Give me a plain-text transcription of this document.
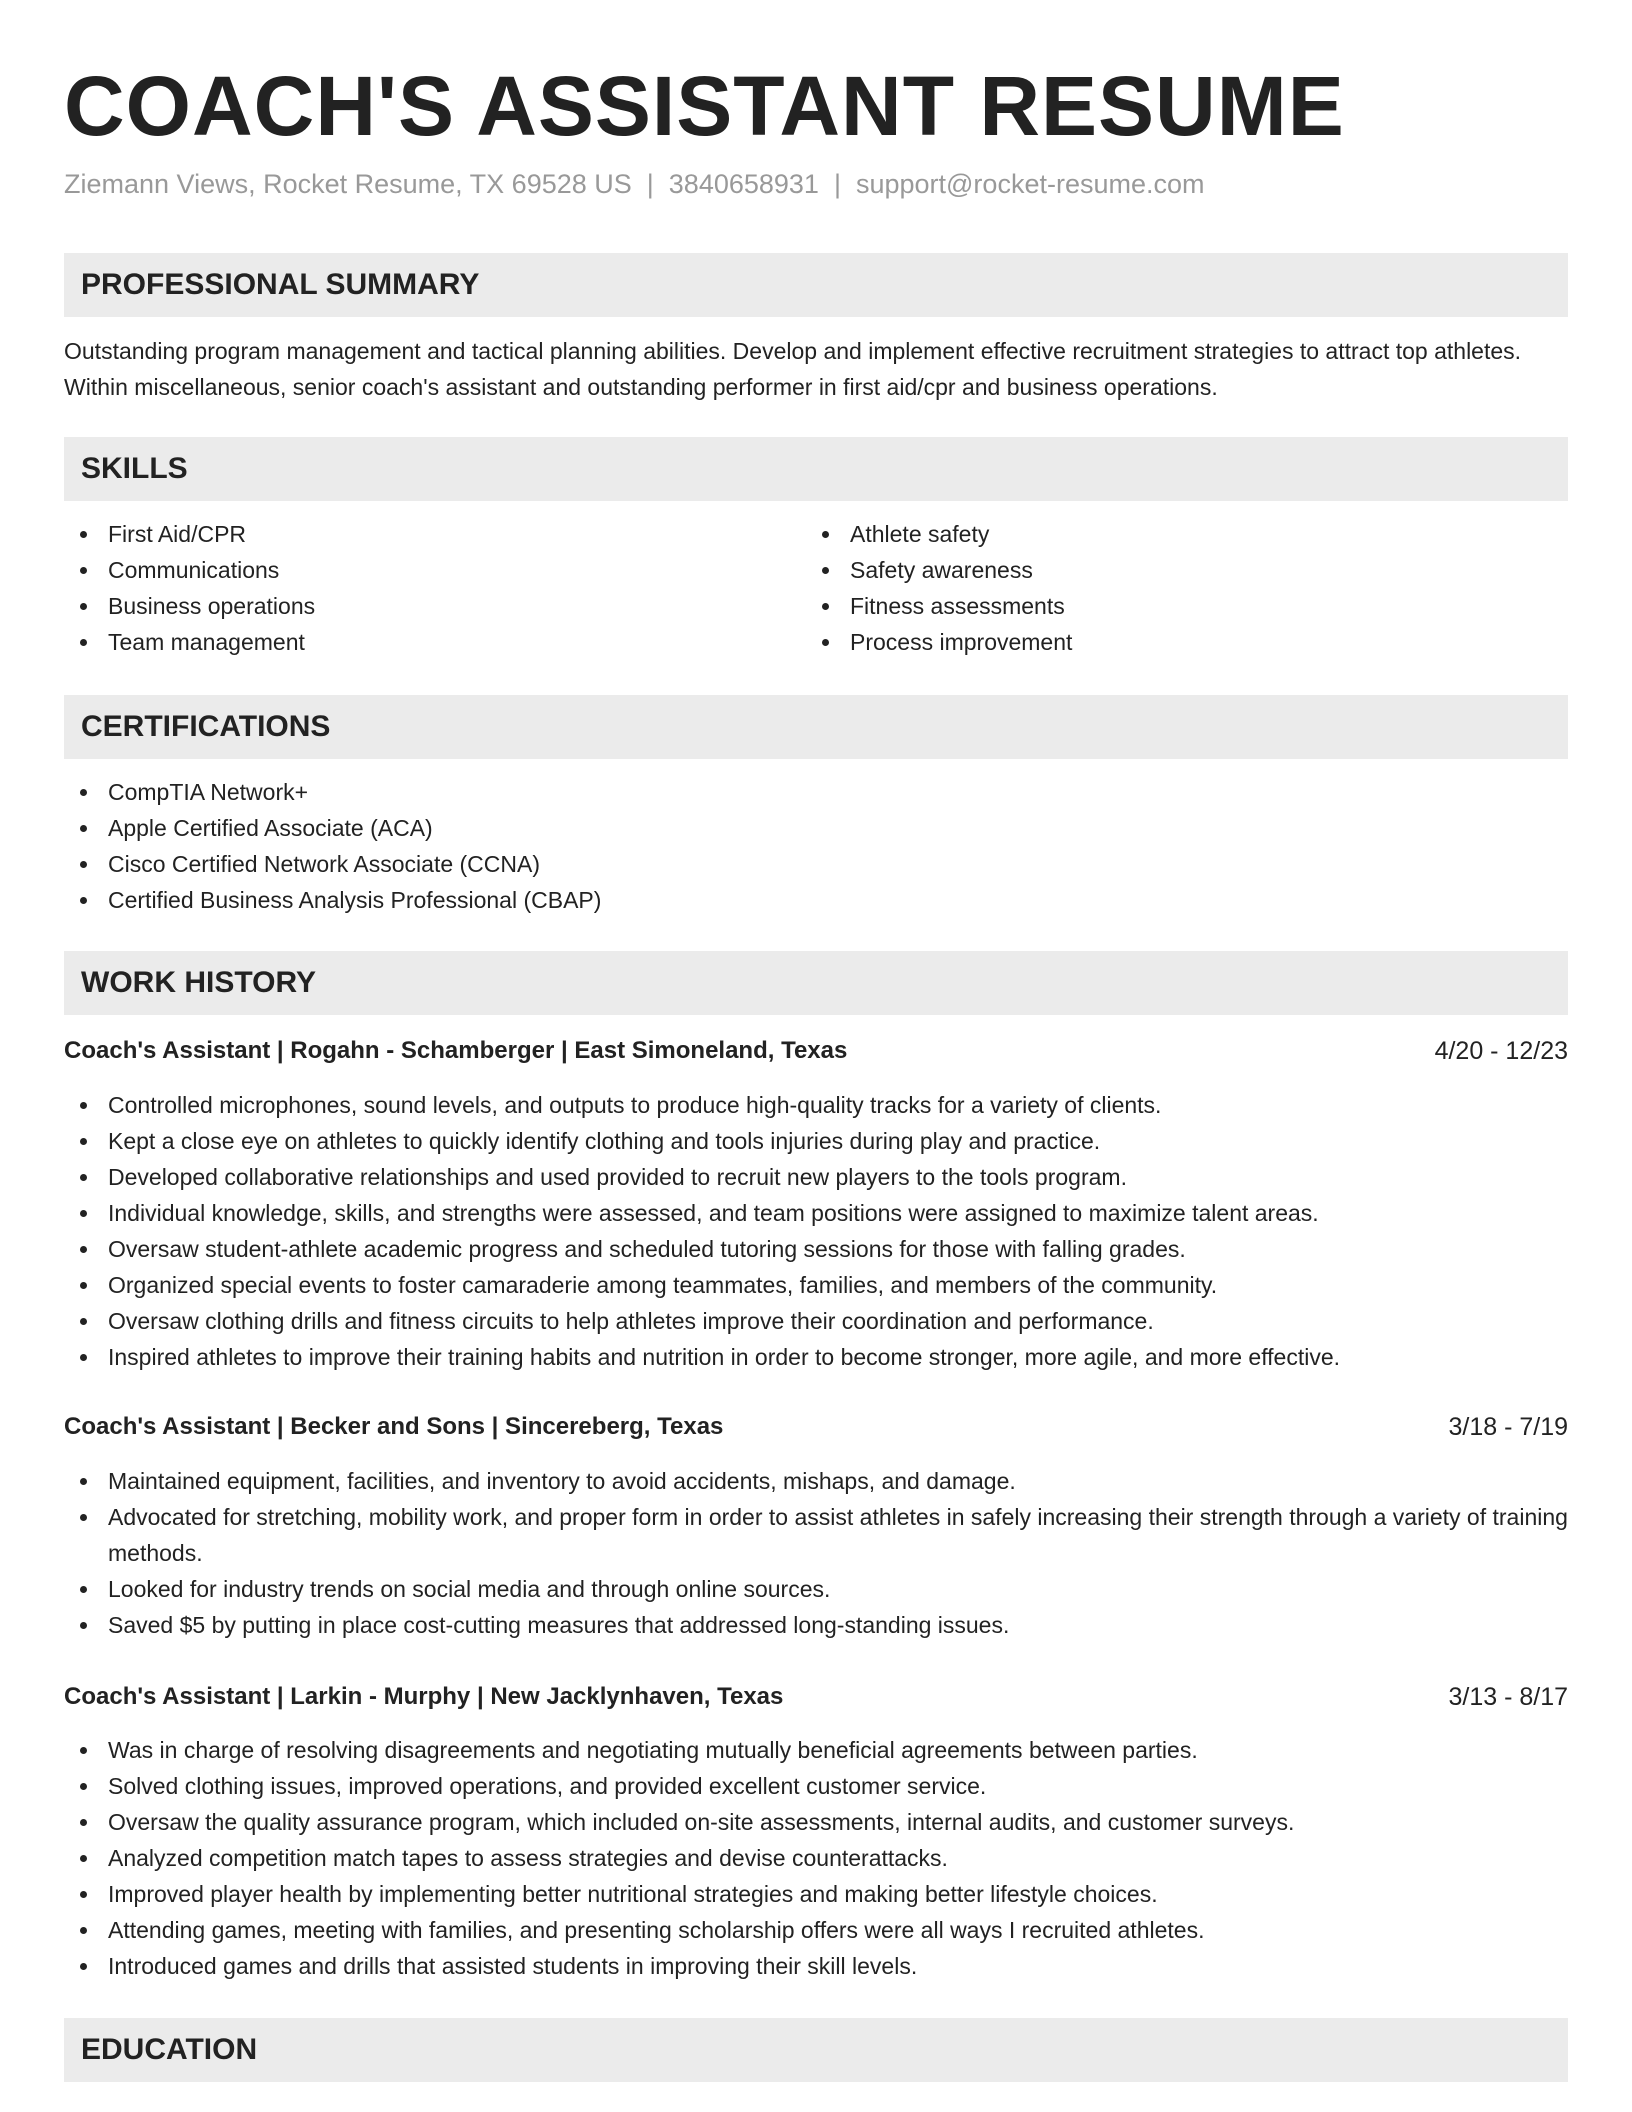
COACH'S ASSISTANT RESUME
Ziemann Views, Rocket Resume, TX 69528 US | 3840658931 | support@rocket-resume.com
PROFESSIONAL SUMMARY

Outstanding program management and tactical planning abilities. Develop and implement effective recruitment strategies to attract top athletes. Within miscellaneous, senior coach's assistant and outstanding performer in first aid/cpr and business operations.

SKILLS
First Aid/CPR
Communications
Business operations
Team management
Athlete safety
Safety awareness
Fitness assessments
Process improvement
CERTIFICATIONS
CompTIA Network+
Apple Certified Associate (ACA)
Cisco Certified Network Associate (CCNA)
Certified Business Analysis Professional (CBAP)
WORK HISTORY
Coach's Assistant | Rogahn - Schamberger | East Simoneland, Texas	4/20 - 12/23
Controlled microphones, sound levels, and outputs to produce high-quality tracks for a variety of clients.
Kept a close eye on athletes to quickly identify clothing and tools injuries during play and practice.
Developed collaborative relationships and used provided to recruit new players to the tools program.
Individual knowledge, skills, and strengths were assessed, and team positions were assigned to maximize talent areas.
Oversaw student-athlete academic progress and scheduled tutoring sessions for those with falling grades.
Organized special events to foster camaraderie among teammates, families, and members of the community.
Oversaw clothing drills and fitness circuits to help athletes improve their coordination and performance.
Inspired athletes to improve their training habits and nutrition in order to become stronger, more agile, and more effective.
Coach's Assistant | Becker and Sons | Sincereberg, Texas	3/18 - 7/19
Maintained equipment, facilities, and inventory to avoid accidents, mishaps, and damage.
Advocated for stretching, mobility work, and proper form in order to assist athletes in safely increasing their strength through a variety of training methods.
Looked for industry trends on social media and through online sources.
Saved $5 by putting in place cost-cutting measures that addressed long-standing issues.
Coach's Assistant | Larkin - Murphy | New Jacklynhaven, Texas	3/13 - 8/17
Was in charge of resolving disagreements and negotiating mutually beneficial agreements between parties.
Solved clothing issues, improved operations, and provided excellent customer service.
Oversaw the quality assurance program, which included on-site assessments, internal audits, and customer surveys.
Analyzed competition match tapes to assess strategies and devise counterattacks.
Improved player health by implementing better nutritional strategies and making better lifestyle choices.
Attending games, meeting with families, and presenting scholarship offers were all ways I recruited athletes.
Introduced games and drills that assisted students in improving their skill levels.
EDUCATION
